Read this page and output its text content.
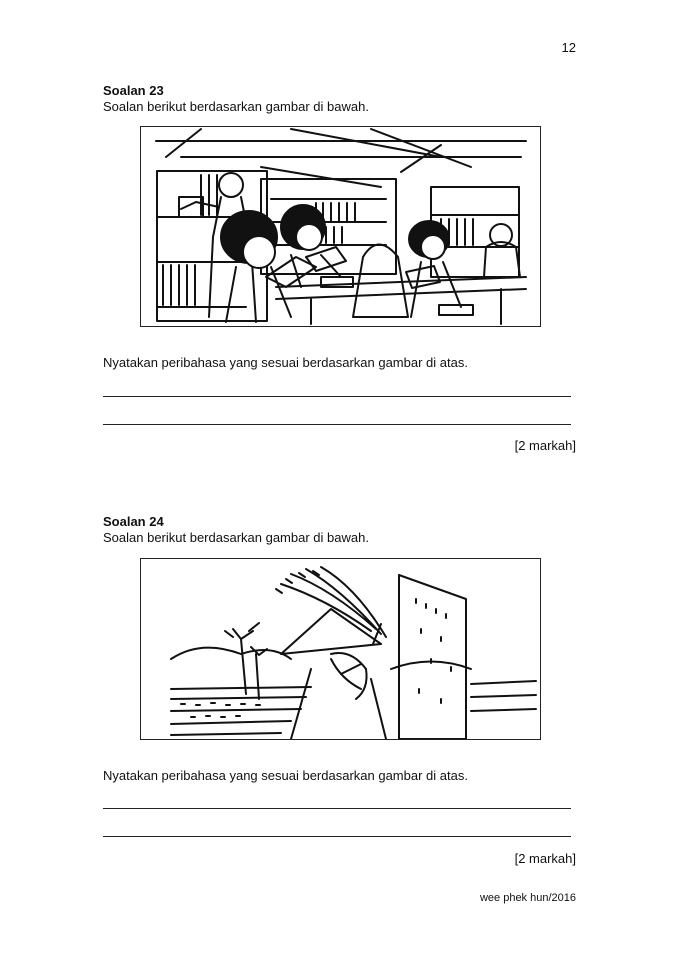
12
Soalan 23
Soalan berikut berdasarkan gambar di bawah.
Nyatakan peribahasa yang sesuai berdasarkan gambar di atas.
[2 markah]
Soalan 24
Soalan berikut berdasarkan gambar di bawah.
Nyatakan peribahasa yang sesuai berdasarkan gambar di atas.
[2 markah]
wee phek hun/2016
